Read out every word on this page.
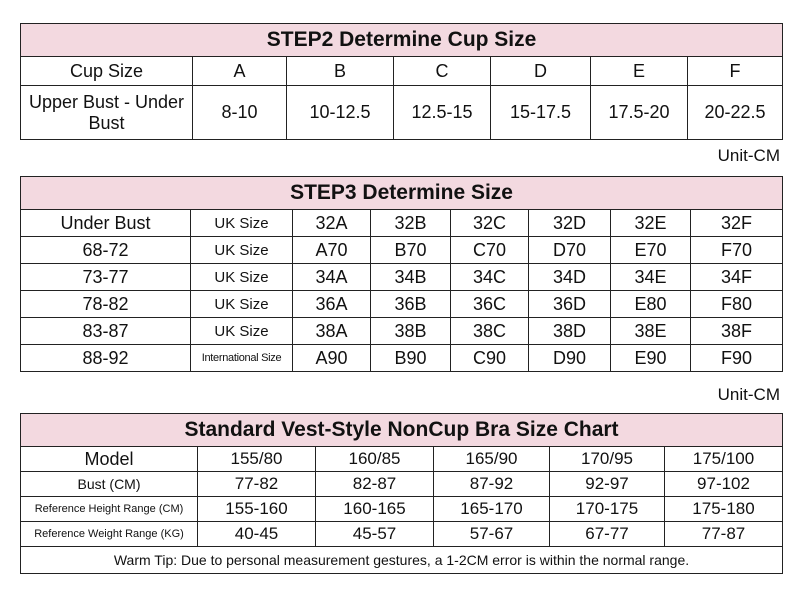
STEP2 Determine Cup Size						
Cup Size	A	B	C	D	E	F
Upper Bust - Under Bust	8-10	10-12.5	12.5-15	15-17.5	17.5-20	20-22.5
Unit-CM
STEP3 Determine Size							
Under Bust	UK Size	32A	32B	32C	32D	32E	32F
68-72	UK Size	A70	B70	C70	D70	E70	F70
73-77	UK Size	34A	34B	34C	34D	34E	34F
78-82	UK Size	36A	36B	36C	36D	E80	F80
83-87	UK Size	38A	38B	38C	38D	38E	38F
88-92	International Size	A90	B90	C90	D90	E90	F90
Unit-CM
Standard Vest-Style NonCup Bra Size Chart					
Model	155/80	160/85	165/90	170/95	175/100
Bust (CM)	77-82	82-87	87-92	92-97	97-102
Reference Height Range (CM)	155-160	160-165	165-170	170-175	175-180
Reference Weight Range (KG)	40-45	45-57	57-67	67-77	77-87
Warm Tip: Due to personal measurement gestures, a 1-2CM error is within the normal range.					
